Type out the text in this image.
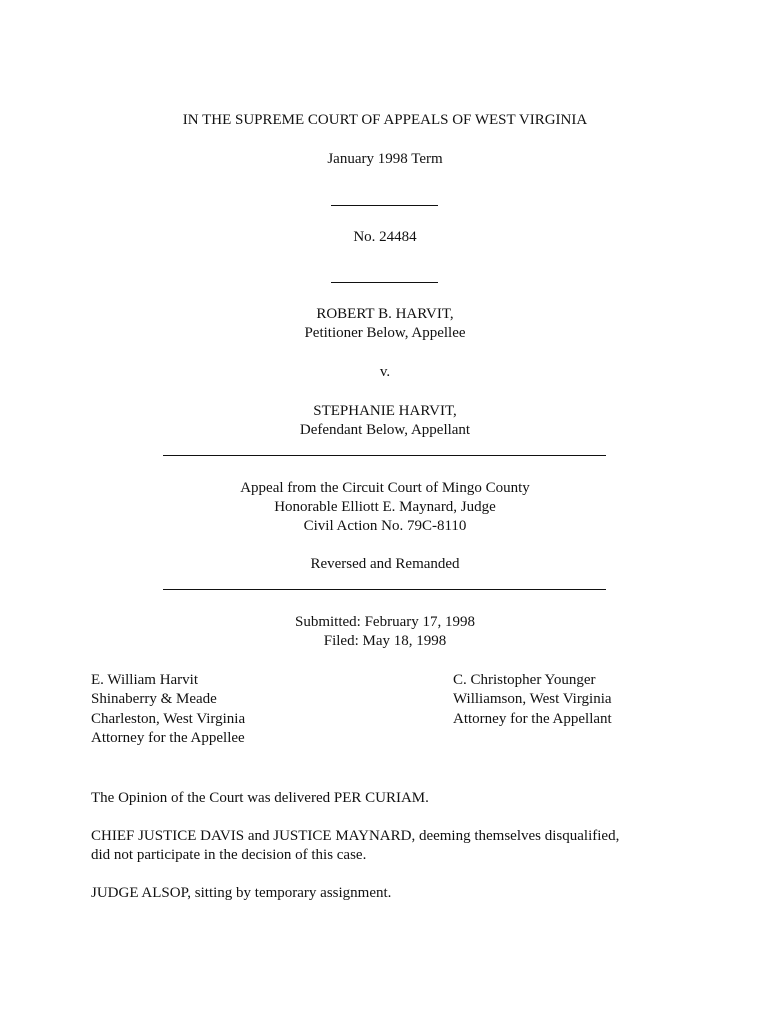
IN THE SUPREME COURT OF APPEALS OF WEST VIRGINIA
January 1998 Term
No. 24484
ROBERT B. HARVIT,
Petitioner Below, Appellee
v.
STEPHANIE HARVIT,
Defendant Below, Appellant
Appeal from the Circuit Court of Mingo County
Honorable Elliott E. Maynard, Judge
Civil Action No. 79C-8110
Reversed and Remanded
Submitted: February 17, 1998
Filed: May 18, 1998
E. William Harvit
Shinaberry & Meade
Charleston, West Virginia
Attorney for the Appellee
C. Christopher Younger
Williamson, West Virginia
Attorney for the Appellant
The Opinion of the Court was delivered PER CURIAM.
CHIEF JUSTICE DAVIS and JUSTICE MAYNARD, deeming themselves disqualified,
did not participate in the decision of this case.
JUDGE ALSOP, sitting by temporary assignment.
